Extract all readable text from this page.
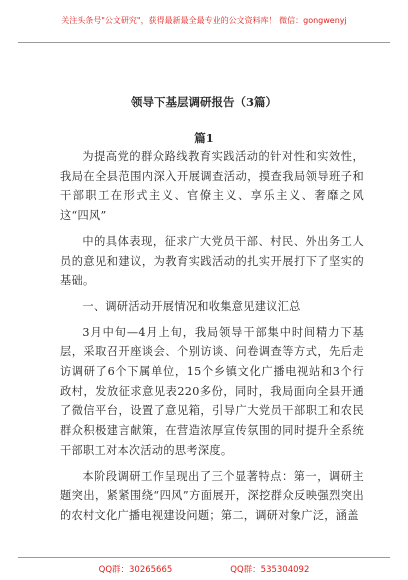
关注头条号"公文研究"，获得最新最全最专业的公文资料库！ 微信：gongwenyj
领导下基层调研报告（3篇）
篇1

为提高党的群众路线教育实践活动的针对性和实效性，我局在全县范围内深入开展调查活动，摸查我局领导班子和干部职工在形式主义、官僚主义、享乐主义、奢靡之风这“四风”

中的具体表现，征求广大党员干部、村民、外出务工人员的意见和建议，为教育实践活动的扎实开展打下了坚实的基础。

一、调研活动开展情况和收集意见建议汇总

3月中旬—4月上旬，我局领导干部集中时间精力下基层，采取召开座谈会、个别访谈、问卷调查等方式，先后走访调研了6个下属单位，15个乡镇文化广播电视站和3个行政村，发放征求意见表220多份，同时，我局面向全县开通了微信平台，设置了意见箱，引导广大党员干部职工和农民群众积极建言献策，在营造浓厚宣传氛围的同时提升全系统干部职工对本次活动的思考深度。

本阶段调研工作呈现出了三个显著特点：第一，调研主题突出，紧紧围绕“四风”方面展开，深挖群众反映强烈突出的农村文化广播电视建设问题；第二，调研对象广泛，涵盖

QQ群：30265665	QQ群：535304092
